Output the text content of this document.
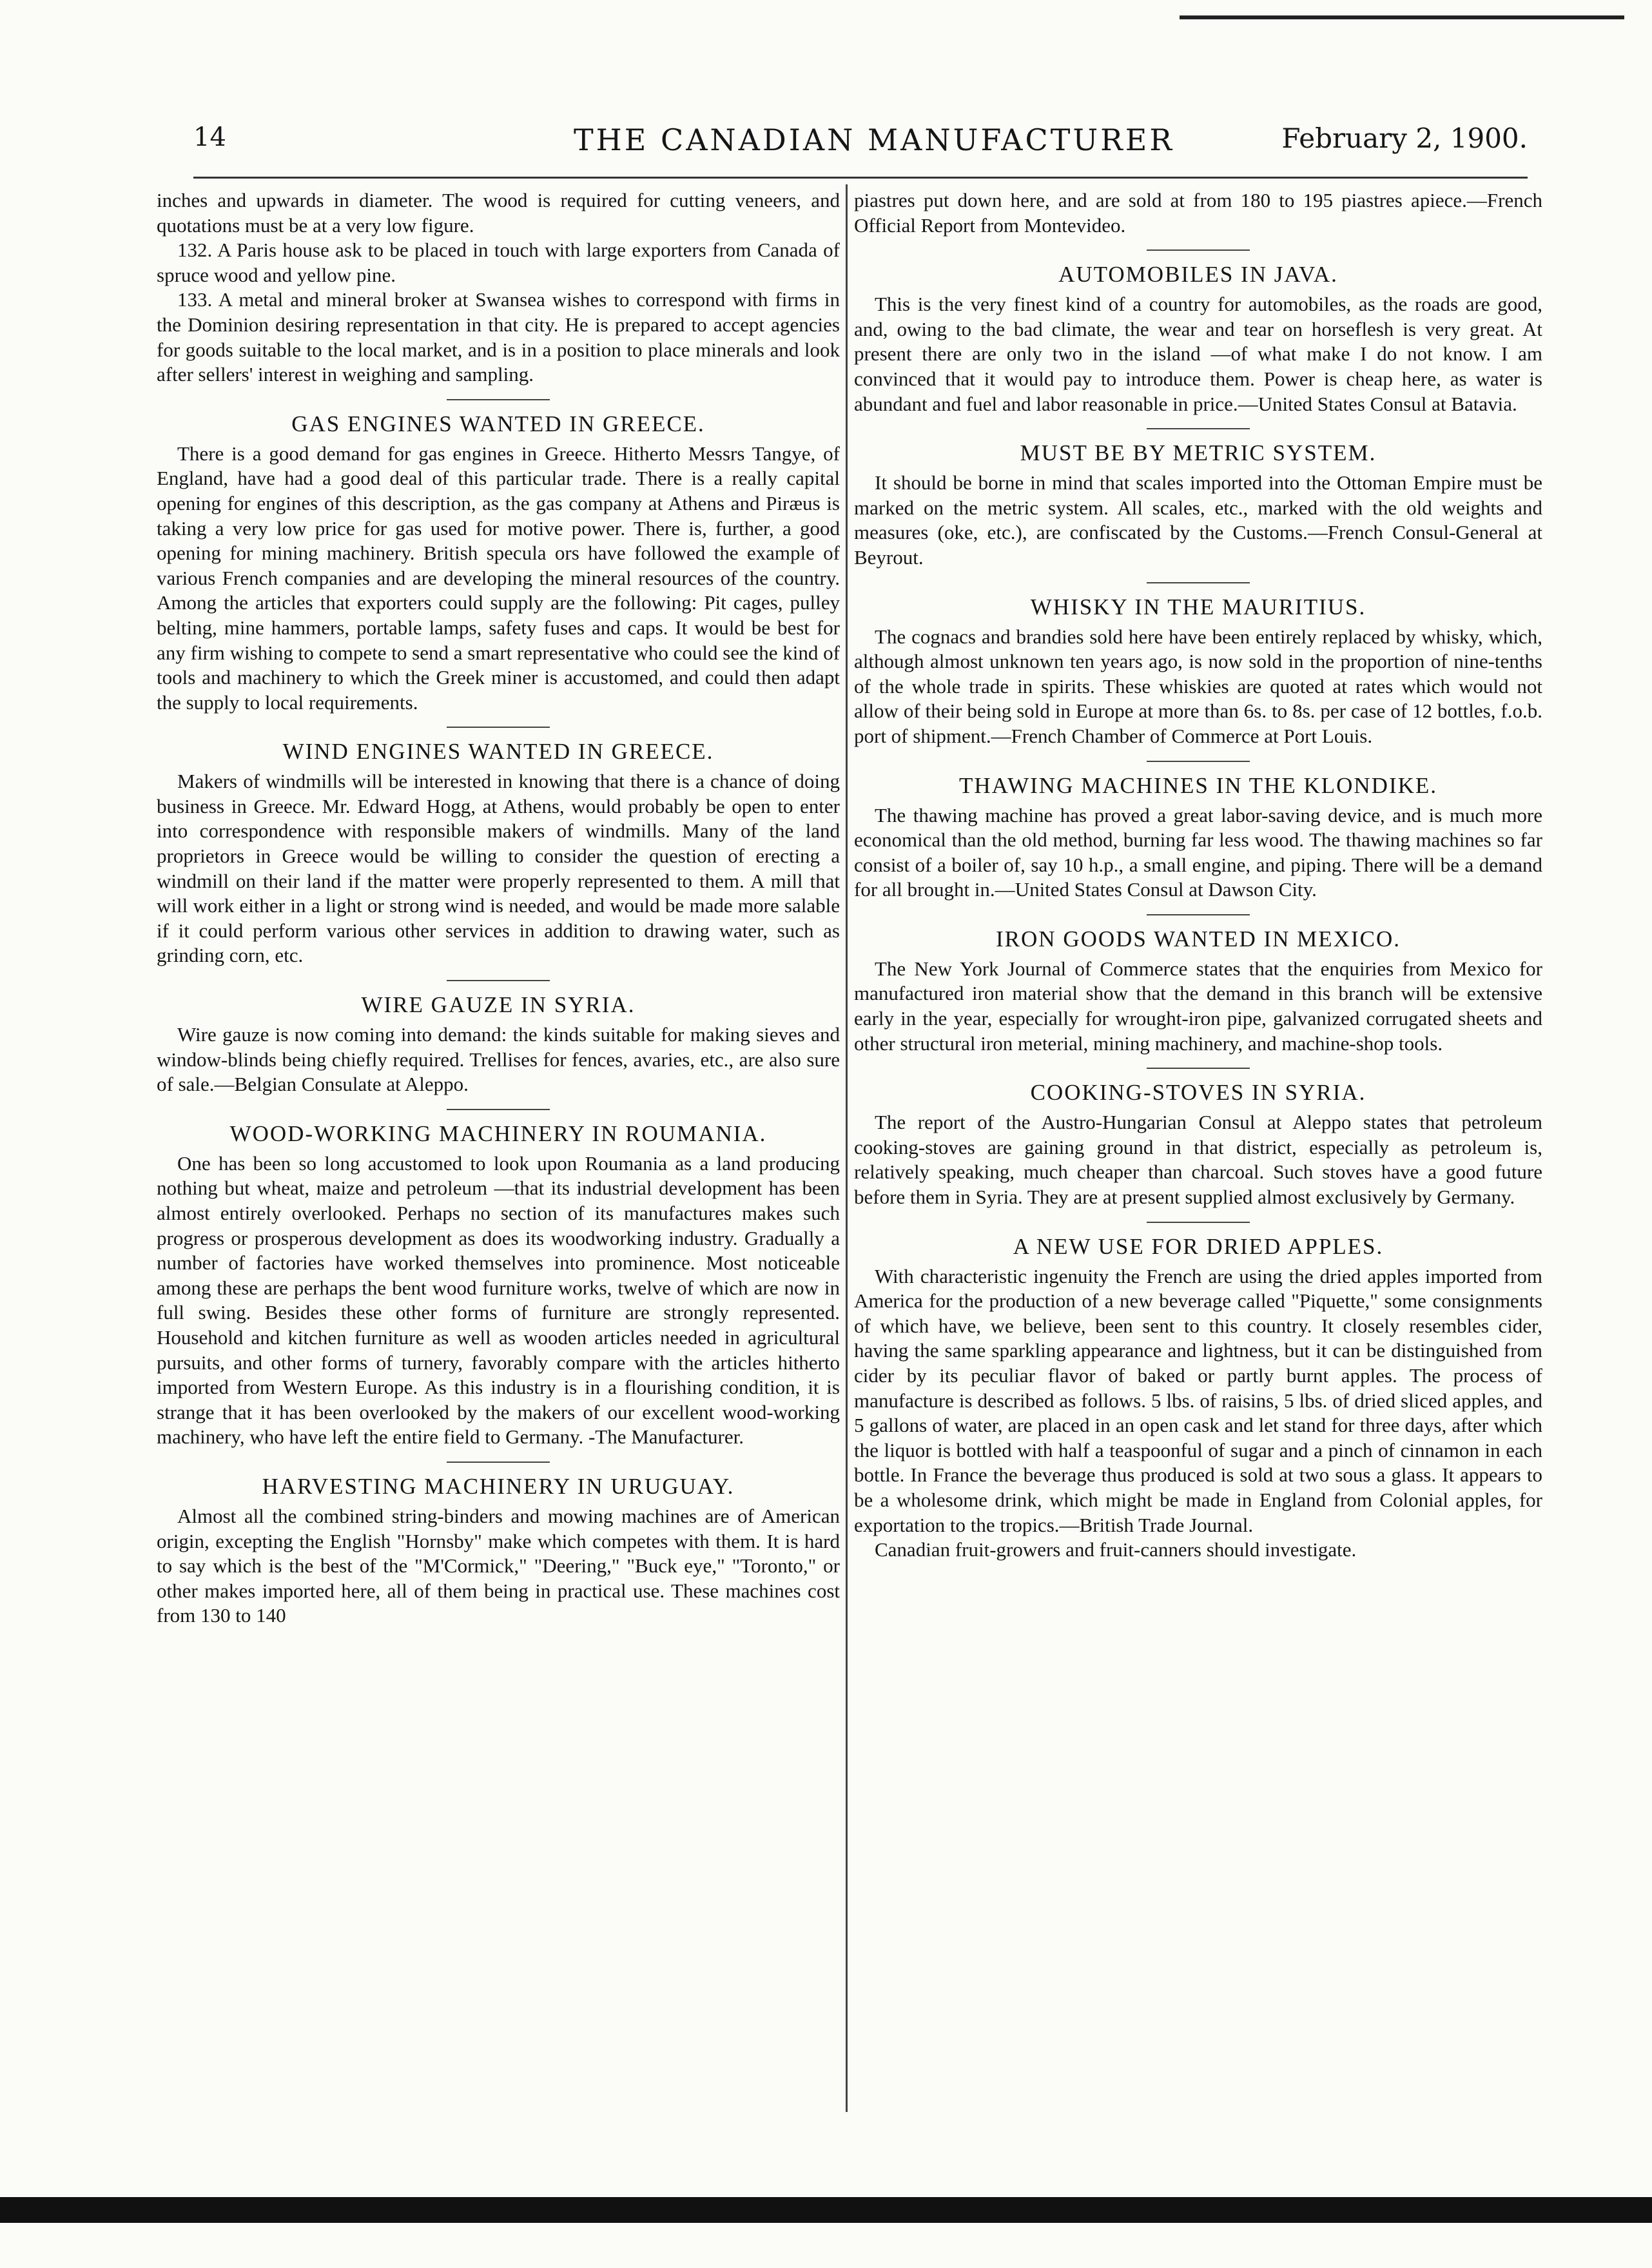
14	THE CANADIAN MANUFACTURER	February 2, 1900.

inches and upwards in diameter. The wood is required for cutting veneers, and quotations must be at a very low figure.

132. A Paris house ask to be placed in touch with large exporters from Canada of spruce wood and yellow pine.

133. A metal and mineral broker at Swansea wishes to correspond with firms in the Dominion desiring representation in that city. He is prepared to accept agencies for goods suitable to the local market, and is in a position to place minerals and look after sellers' interest in weighing and sampling.

GAS ENGINES WANTED IN GREECE.

There is a good demand for gas engines in Greece. Hitherto Messrs Tangye, of England, have had a good deal of this particular trade. There is a really capital opening for engines of this description, as the gas company at Athens and Piræus is taking a very low price for gas used for motive power. There is, further, a good opening for mining machinery. British specula ors have followed the example of various French companies and are developing the mineral resources of the country. Among the articles that exporters could supply are the following: Pit cages, pulley belting, mine hammers, portable lamps, safety fuses and caps. It would be best for any firm wishing to compete to send a smart representative who could see the kind of tools and machinery to which the Greek miner is accustomed, and could then adapt the supply to local requirements.

WIND ENGINES WANTED IN GREECE.

Makers of windmills will be interested in knowing that there is a chance of doing business in Greece. Mr. Edward Hogg, at Athens, would probably be open to enter into correspondence with responsible makers of windmills. Many of the land proprietors in Greece would be willing to consider the question of erecting a windmill on their land if the matter were properly represented to them. A mill that will work either in a light or strong wind is needed, and would be made more salable if it could perform various other services in addition to drawing water, such as grinding corn, etc.

WIRE GAUZE IN SYRIA.

Wire gauze is now coming into demand: the kinds suitable for making sieves and window-blinds being chiefly required. Trellises for fences, avaries, etc., are also sure of sale.—Belgian Consulate at Aleppo.

WOOD-WORKING MACHINERY IN ROUMANIA.

One has been so long accustomed to look upon Roumania as a land producing nothing but wheat, maize and petroleum —that its industrial development has been almost entirely overlooked. Perhaps no section of its manufactures makes such progress or prosperous development as does its woodworking industry. Gradually a number of factories have worked themselves into prominence. Most noticeable among these are perhaps the bent wood furniture works, twelve of which are now in full swing. Besides these other forms of furniture are strongly represented. Household and kitchen furniture as well as wooden articles needed in agricultural pursuits, and other forms of turnery, favorably compare with the articles hitherto imported from Western Europe. As this industry is in a flourishing condition, it is strange that it has been overlooked by the makers of our excellent wood-working machinery, who have left the entire field to Germany. -The Manufacturer.

HARVESTING MACHINERY IN URUGUAY.

Almost all the combined string-binders and mowing machines are of American origin, excepting the English "Hornsby" make which competes with them. It is hard to say which is the best of the "M'Cormick," "Deering," "Buck eye," "Toronto," or other makes imported here, all of them being in practical use. These machines cost from 130 to 140

piastres put down here, and are sold at from 180 to 195 piastres apiece.—French Official Report from Montevideo.

AUTOMOBILES IN JAVA.

This is the very finest kind of a country for automobiles, as the roads are good, and, owing to the bad climate, the wear and tear on horseflesh is very great. At present there are only two in the island —of what make I do not know. I am convinced that it would pay to introduce them. Power is cheap here, as water is abundant and fuel and labor reasonable in price.—United States Consul at Batavia.

MUST BE BY METRIC SYSTEM.

It should be borne in mind that scales imported into the Ottoman Empire must be marked on the metric system. All scales, etc., marked with the old weights and measures (oke, etc.), are confiscated by the Customs.—French Consul-General at Beyrout.

WHISKY IN THE MAURITIUS.

The cognacs and brandies sold here have been entirely replaced by whisky, which, although almost unknown ten years ago, is now sold in the proportion of nine-tenths of the whole trade in spirits. These whiskies are quoted at rates which would not allow of their being sold in Europe at more than 6s. to 8s. per case of 12 bottles, f.o.b. port of shipment.—French Chamber of Commerce at Port Louis.

THAWING MACHINES IN THE KLONDIKE.

The thawing machine has proved a great labor-saving device, and is much more economical than the old method, burning far less wood. The thawing machines so far consist of a boiler of, say 10 h.p., a small engine, and piping. There will be a demand for all brought in.—United States Consul at Dawson City.

IRON GOODS WANTED IN MEXICO.

The New York Journal of Commerce states that the enquiries from Mexico for manufactured iron material show that the demand in this branch will be extensive early in the year, especially for wrought-iron pipe, galvanized corrugated sheets and other structural iron meterial, mining machinery, and machine-shop tools.

COOKING-STOVES IN SYRIA.

The report of the Austro-Hungarian Consul at Aleppo states that petroleum cooking-stoves are gaining ground in that district, especially as petroleum is, relatively speaking, much cheaper than charcoal. Such stoves have a good future before them in Syria. They are at present supplied almost exclusively by Germany.

A NEW USE FOR DRIED APPLES.

With characteristic ingenuity the French are using the dried apples imported from America for the production of a new beverage called "Piquette," some consignments of which have, we believe, been sent to this country. It closely resembles cider, having the same sparkling appearance and lightness, but it can be distinguished from cider by its peculiar flavor of baked or partly burnt apples. The process of manufacture is described as follows. 5 lbs. of raisins, 5 lbs. of dried sliced apples, and 5 gallons of water, are placed in an open cask and let stand for three days, after which the liquor is bottled with half a teaspoonful of sugar and a pinch of cinnamon in each bottle. In France the beverage thus produced is sold at two sous a glass. It appears to be a wholesome drink, which might be made in England from Colonial apples, for exportation to the tropics.—British Trade Journal.

Canadian fruit-growers and fruit-canners should investigate.
